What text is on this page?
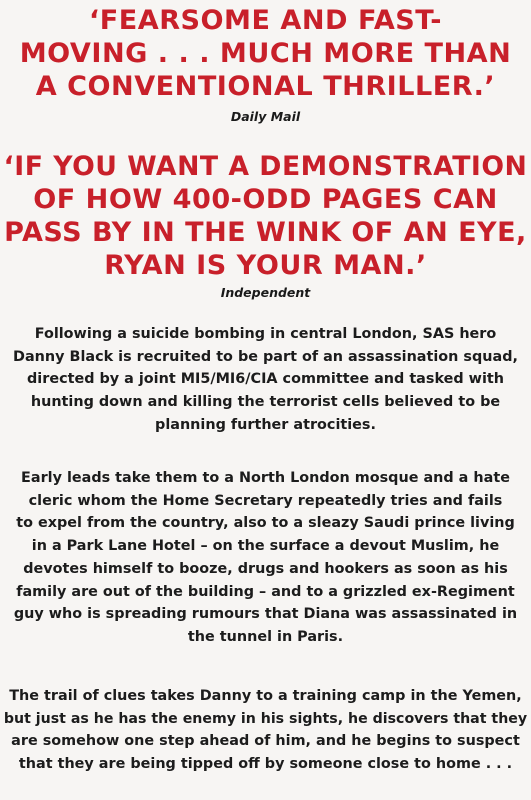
‘FEARSOME AND FAST-
MOVING . . . MUCH MORE THAN
A CONVENTIONAL THRILLER.’
Daily Mail
‘IF YOU WANT A DEMONSTRATION
OF HOW 400-ODD PAGES CAN
PASS BY IN THE WINK OF AN EYE,
RYAN IS YOUR MAN.’
Independent
Following a suicide bombing in central London, SAS hero
Danny Black is recruited to be part of an assassination squad,
directed by a joint MI5/MI6/CIA committee and tasked with
hunting down and killing the terrorist cells believed to be
planning further atrocities.
Early leads take them to a North London mosque and a hate
cleric whom the Home Secretary repeatedly tries and fails
to expel from the country, also to a sleazy Saudi prince living
in a Park Lane Hotel – on the surface a devout Muslim, he
devotes himself to booze, drugs and hookers as soon as his
family are out of the building – and to a grizzled ex-Regiment
guy who is spreading rumours that Diana was assassinated in
the tunnel in Paris.
The trail of clues takes Danny to a training camp in the Yemen,
but just as he has the enemy in his sights, he discovers that they
are somehow one step ahead of him, and he begins to suspect
that they are being tipped off by someone close to home . . .
